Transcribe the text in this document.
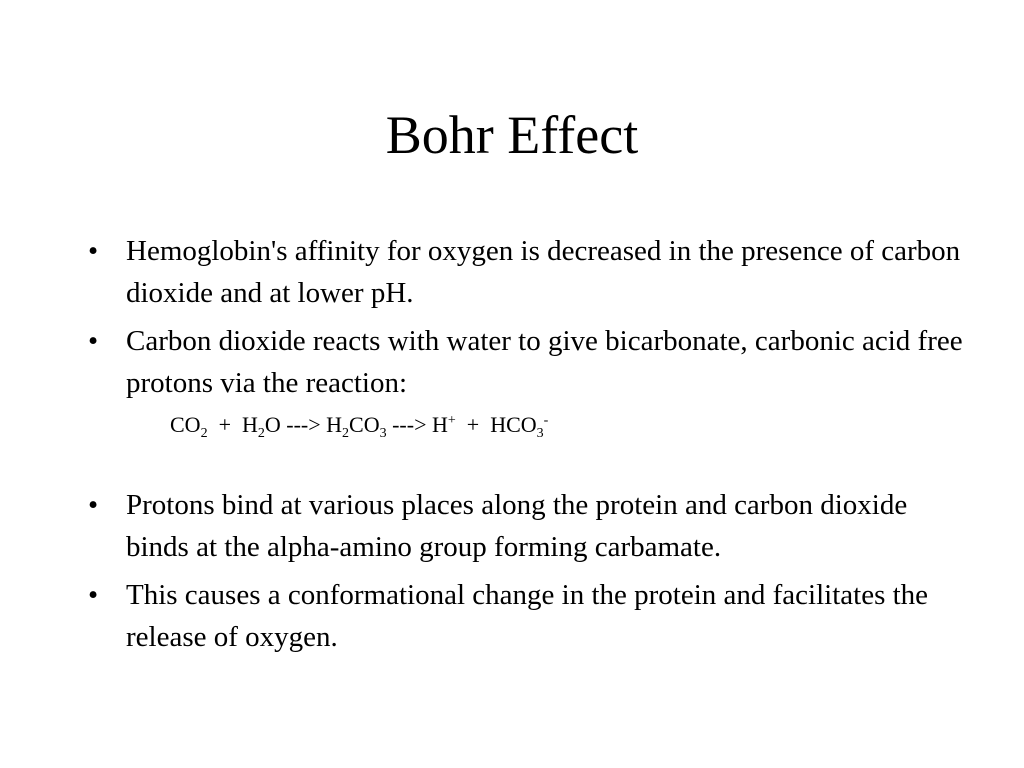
Bohr Effect
• Hemoglobin's affinity for oxygen is decreased in the presence of carbon dioxide and at lower pH.

• Carbon dioxide reacts with water to give bicarbonate, carbonic acid free protons via the reaction:

• Protons bind at various places along the protein and carbon dioxide binds at the alpha-amino group forming carbamate.

• This causes a conformational change in the protein and facilitates the release of oxygen.

$CO_2 + H_2O$ ---> $H_2CO_3$ ---> $H^+ + HCO_3^-$
